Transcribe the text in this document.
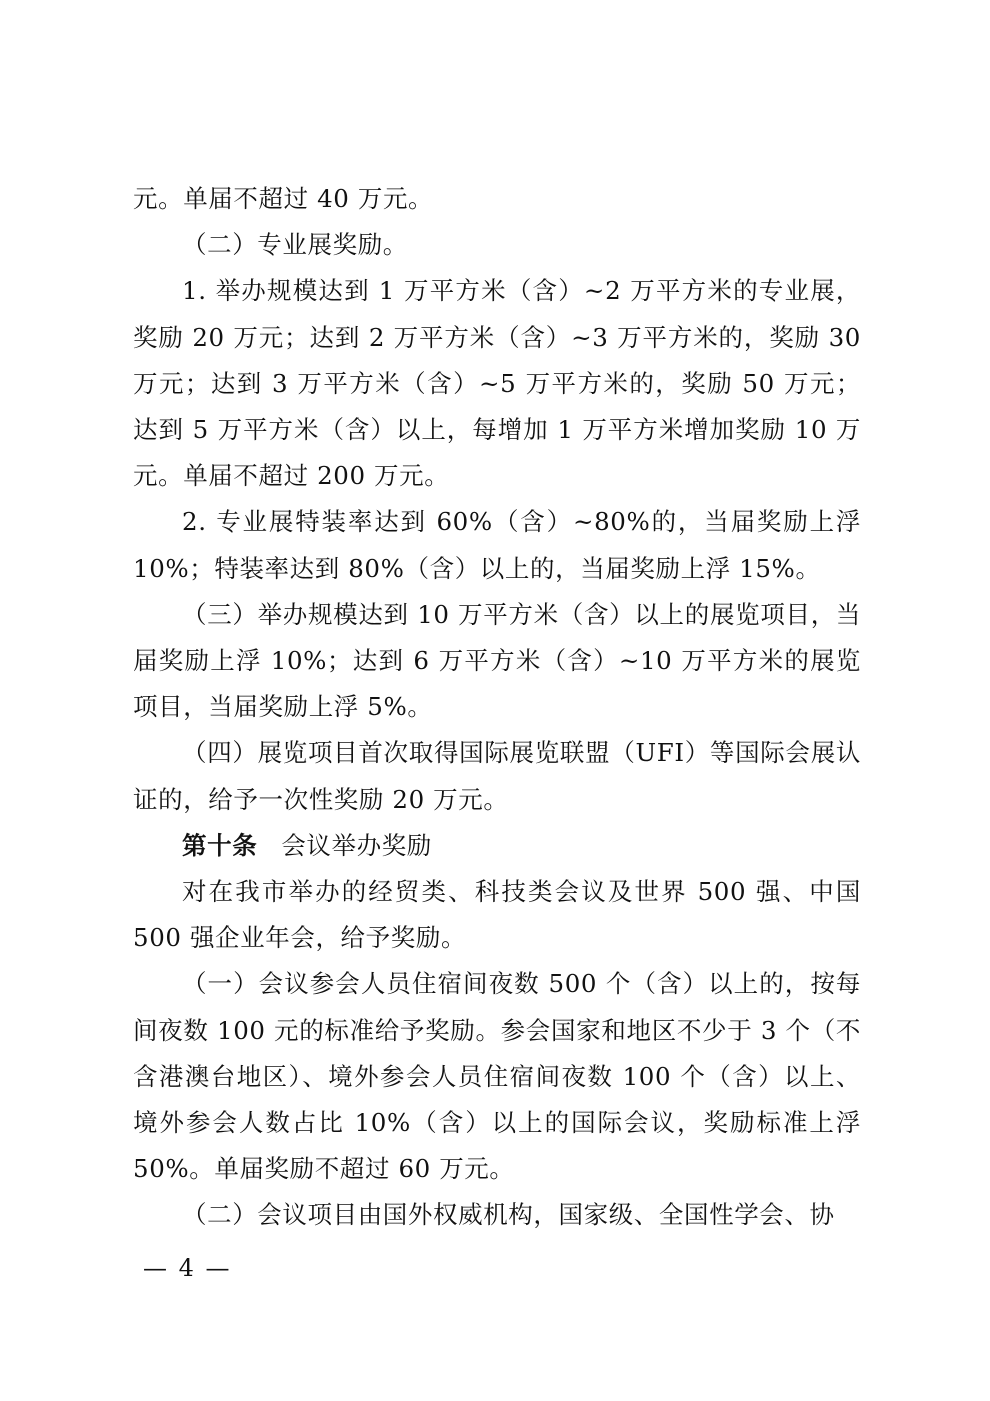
元。单届不超过 40 万元。

（二）专业展奖励。

1. 举办规模达到 1 万平方米（含）~2 万平方米的专业展，奖励 20 万元；达到 2 万平方米（含）~3 万平方米的，奖励 30 万元；达到 3 万平方米（含）~5 万平方米的，奖励 50 万元；达到 5 万平方米（含）以上，每增加 1 万平方米增加奖励 10 万元。单届不超过 200 万元。

2. 专业展特装率达到 60%（含）~80%的，当届奖励上浮 10%；特装率达到 80%（含）以上的，当届奖励上浮 15%。

（三）举办规模达到 10 万平方米（含）以上的展览项目，当届奖励上浮 10%；达到 6 万平方米（含）~10 万平方米的展览项目，当届奖励上浮 5%。

（四）展览项目首次取得国际展览联盟（UFI）等国际会展认证的，给予一次性奖励 20 万元。

第十条 会议举办奖励

对在我市举办的经贸类、科技类会议及世界 500 强、中国 500 强企业年会，给予奖励。

（一）会议参会人员住宿间夜数 500 个（含）以上的，按每间夜数 100 元的标准给予奖励。参会国家和地区不少于 3 个（不含港澳台地区）、境外参会人员住宿间夜数 100 个（含）以上、境外参会人数占比 10%（含）以上的国际会议，奖励标准上浮 50%。单届奖励不超过 60 万元。

（二）会议项目由国外权威机构，国家级、全国性学会、协

— 4 —
